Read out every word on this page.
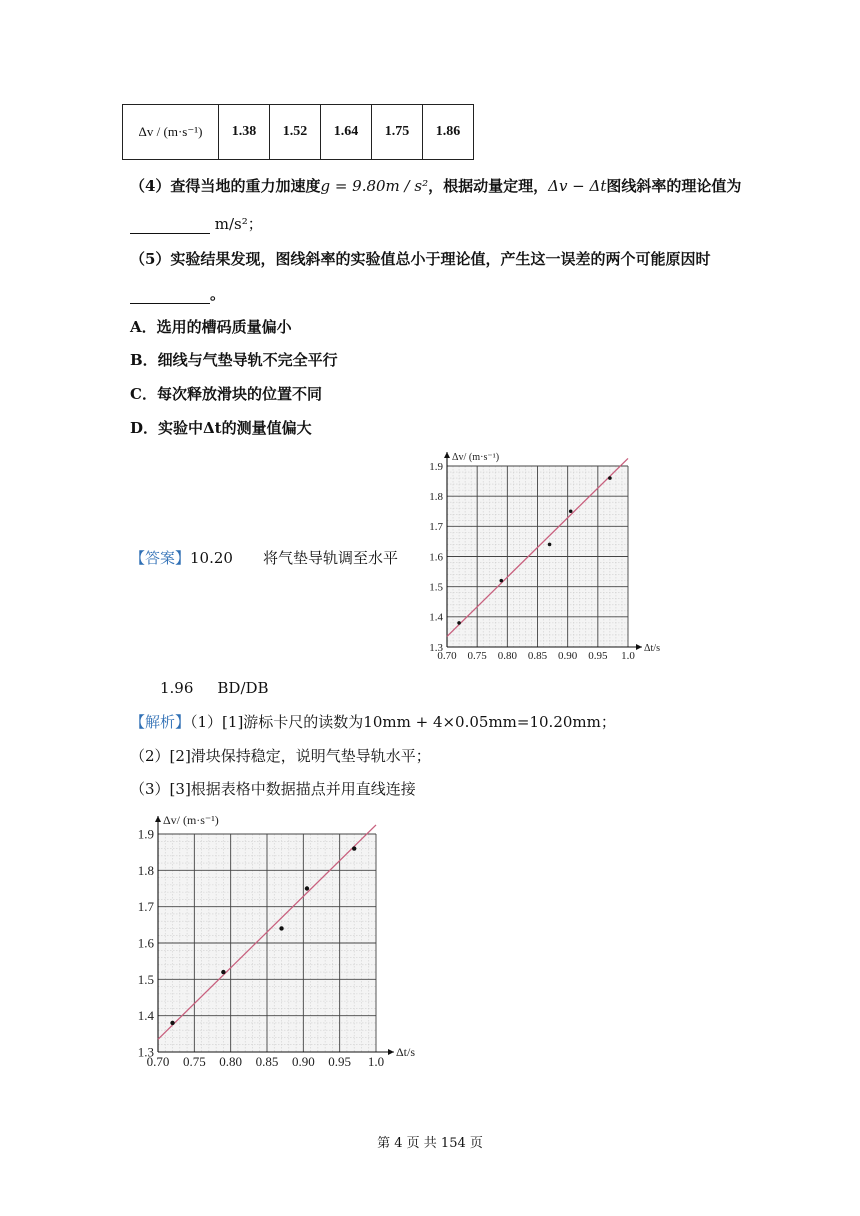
Δv / (m·s⁻¹)	1.38	1.52	1.64	1.75	1.86
（4）查得当地的重力加速度g = 9.80m / s²，根据动量定理，Δv − Δt图线斜率的理论值为
m/s²；
（5）实验结果发现，图线斜率的实验值总小于理论值，产生这一误差的两个可能原因时
。
A．选用的槽码质量偏小
B．细线与气垫导轨不完全平行
C．每次释放滑块的位置不同
D．实验中Δt的测量值偏大
【答案】10.20 将气垫导轨调至水平
1.3
1.4
1.5
1.6
1.7
1.8
1.9
0.70 0.75 0.80 0.85 0.90 0.95 1.0
Δv/ (m·s⁻¹)
Δt/s
1.96 BD/DB
【解析】（1）[1]游标卡尺的读数为10mm + 4×0.05mm=10.20mm；
（2）[2]滑块保持稳定，说明气垫导轨水平；
（3）[3]根据表格中数据描点并用直线连接
1.3
1.4
1.5
1.6
1.7
1.8
1.9
0.70 0.75 0.80 0.85 0.90 0.95 1.0
Δv/ (m·s⁻¹)
Δt/s
第 4 页 共 154 页
